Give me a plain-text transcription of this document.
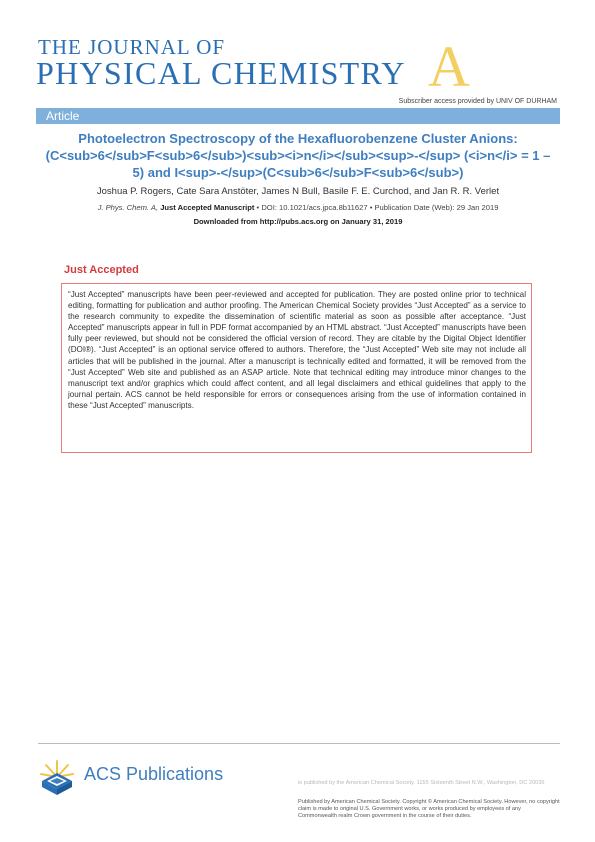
THE JOURNAL OF
PHYSICAL CHEMISTRY A
Subscriber access provided by UNIV OF DURHAM
Article
Photoelectron Spectroscopy of the Hexafluorobenzene Cluster Anions: (C<sub>6</sub>F<sub>6</sub>)<sub><i>n</i></sub><sup>-</sup> (<i>n</i> = 1 – 5) and I<sup>-</sup>(C<sub>6</sub>F<sub>6</sub>)
Joshua P. Rogers, Cate Sara Anstöter, James N Bull, Basile F. E. Curchod, and Jan R. R. Verlet
J. Phys. Chem. A, Just Accepted Manuscript • DOI: 10.1021/acs.jpca.8b11627 • Publication Date (Web): 29 Jan 2019
Downloaded from http://pubs.acs.org on January 31, 2019
Just Accepted
“Just Accepted” manuscripts have been peer-reviewed and accepted for publication. They are posted online prior to technical editing, formatting for publication and author proofing. The American Chemical Society provides “Just Accepted” as a service to the research community to expedite the dissemination of scientific material as soon as possible after acceptance. “Just Accepted” manuscripts appear in full in PDF format accompanied by an HTML abstract. “Just Accepted” manuscripts have been fully peer reviewed, but should not be considered the official version of record. They are citable by the Digital Object Identifier (DOI®). “Just Accepted” is an optional service offered to authors. Therefore, the “Just Accepted” Web site may not include all articles that will be published in the journal. After a manuscript is technically edited and formatted, it will be removed from the “Just Accepted” Web site and published as an ASAP article. Note that technical editing may introduce minor changes to the manuscript text and/or graphics which could affect content, and all legal disclaimers and ethical guidelines that apply to the journal pertain. ACS cannot be held responsible for errors or consequences arising from the use of information contained in these “Just Accepted” manuscripts.
ACS Publications	is published by the American Chemical Society. 1155 Sixteenth Street N.W., Washington, DC 20036
Published by American Chemical Society. Copyright © American Chemical Society. However, no copyright claim is made to original U.S. Government works, or works produced by employees of any Commonwealth realm Crown government in the course of their duties.
